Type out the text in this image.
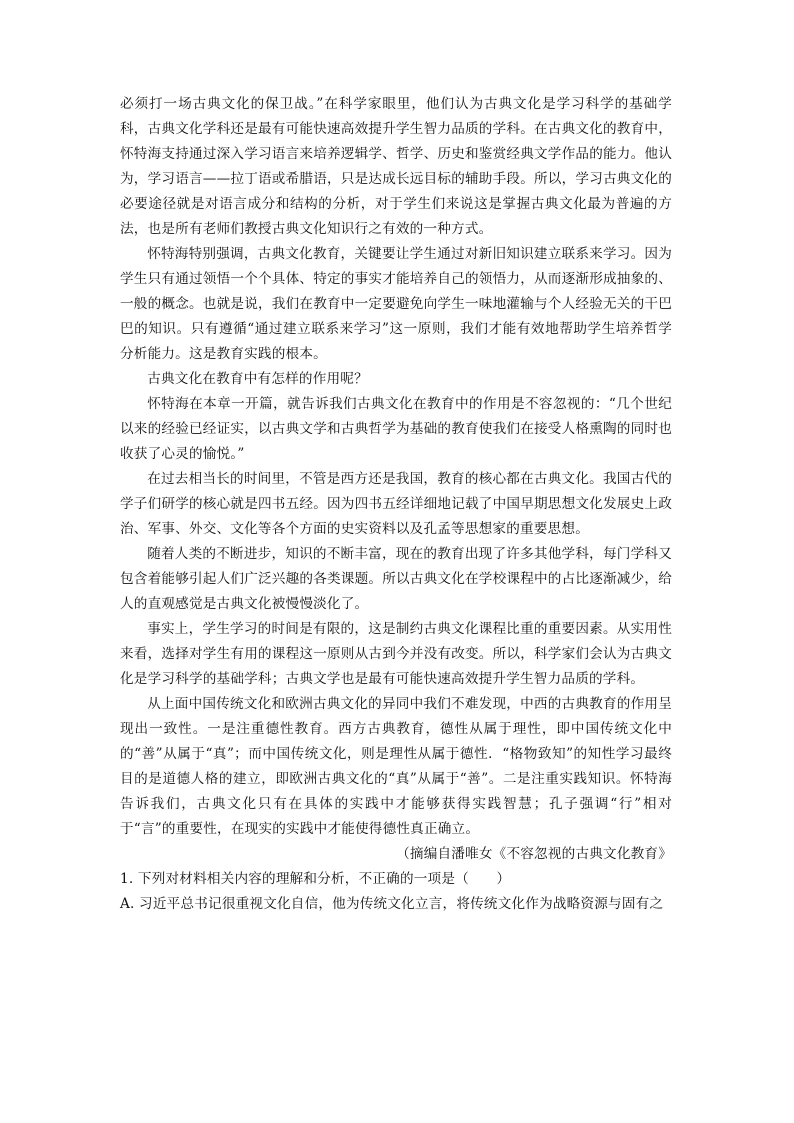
必须打一场古典文化的保卫战。”在科学家眼里，他们认为古典文化是学习科学的基础学科，古典文化学科还是最有可能快速高效提升学生智力品质的学科。在古典文化的教育中，怀特海支持通过深入学习语言来培养逻辑学、哲学、历史和鉴赏经典文学作品的能力。他认为，学习语言——拉丁语或希腊语，只是达成长远目标的辅助手段。所以，学习古典文化的必要途径就是对语言成分和结构的分析，对于学生们来说这是掌握古典文化最为普遍的方法，也是所有老师们教授古典文化知识行之有效的一种方式。

怀特海特别强调，古典文化教育，关键要让学生通过对新旧知识建立联系来学习。因为学生只有通过领悟一个个具体、特定的事实才能培养自己的领悟力，从而逐渐形成抽象的、一般的概念。也就是说，我们在教育中一定要避免向学生一味地灌输与个人经验无关的干巴巴的知识。只有遵循“通过建立联系来学习”这一原则，我们才能有效地帮助学生培养哲学分析能力。这是教育实践的根本。

古典文化在教育中有怎样的作用呢？

怀特海在本章一开篇，就告诉我们古典文化在教育中的作用是不容忽视的：“几个世纪以来的经验已经证实，以古典文学和古典哲学为基础的教育使我们在接受人格熏陶的同时也收获了心灵的愉悦。”

在过去相当长的时间里，不管是西方还是我国，教育的核心都在古典文化。我国古代的学子们研学的核心就是四书五经。因为四书五经详细地记载了中国早期思想文化发展史上政治、军事、外交、文化等各个方面的史实资料以及孔孟等思想家的重要思想。

随着人类的不断进步，知识的不断丰富，现在的教育出现了许多其他学科，每门学科又包含着能够引起人们广泛兴趣的各类课题。所以古典文化在学校课程中的占比逐渐减少，给人的直观感觉是古典文化被慢慢淡化了。

事实上，学生学习的时间是有限的，这是制约古典文化课程比重的重要因素。从实用性来看，选择对学生有用的课程这一原则从古到今并没有改变。所以，科学家们会认为古典文化是学习科学的基础学科；古典文学也是最有可能快速高效提升学生智力品质的学科。

从上面中国传统文化和欧洲古典文化的异同中我们不难发现，中西的古典教育的作用呈现出一致性。一是注重德性教育。西方古典教育，德性从属于理性，即中国传统文化中的“善”从属于“真”；而中国传统文化，则是理性从属于德性．“格物致知”的知性学习最终目的是道德人格的建立，即欧洲古典文化的“真”从属于“善”。二是注重实践知识。怀特海告诉我们，古典文化只有在具体的实践中才能够获得实践智慧；孔子强调“行”相对于“言”的重要性，在现实的实践中才能使得德性真正确立。

（摘编自潘唯女《不容忽视的古典文化教育》

1. 下列对材料相关内容的理解和分析，不正确的一项是（　　）

A. 习近平总书记很重视文化自信，他为传统文化立言，将传统文化作为战略资源与固有之
